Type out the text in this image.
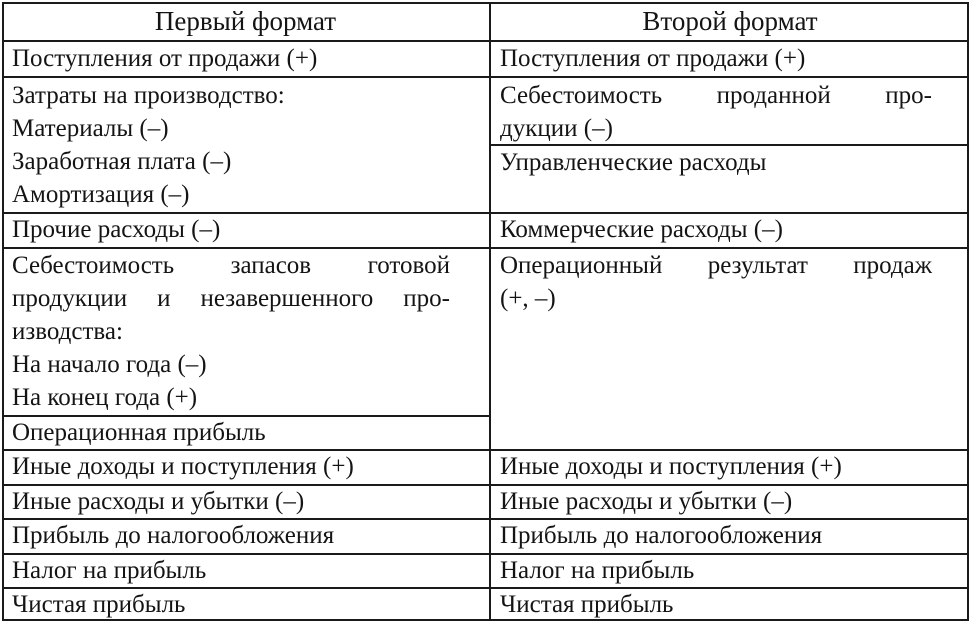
Первый формат	Второй формат
Поступления от продажи (+)
Затраты на производство:
Материалы (–)
Заработная плата (–)
Амортизация (–)
Прочие расходы (–)
Себестоимость запасов готовой
продукции и незавершенного про-
изводства:
На начало года (–)
На конец года (+)
Операционная прибыль
Иные доходы и поступления (+)
Иные расходы и убытки (–)
Прибыль до налогообложения
Налог на прибыль
Чистая прибыль
Поступления от продажи (+)
Себестоимость проданной про-
дукции (–)
Управленческие расходы
Коммерческие расходы (–)
Операционный результат продаж
(+, –)
Иные доходы и поступления (+)
Иные расходы и убытки (–)
Прибыль до налогообложения
Налог на прибыль
Чистая прибыль
